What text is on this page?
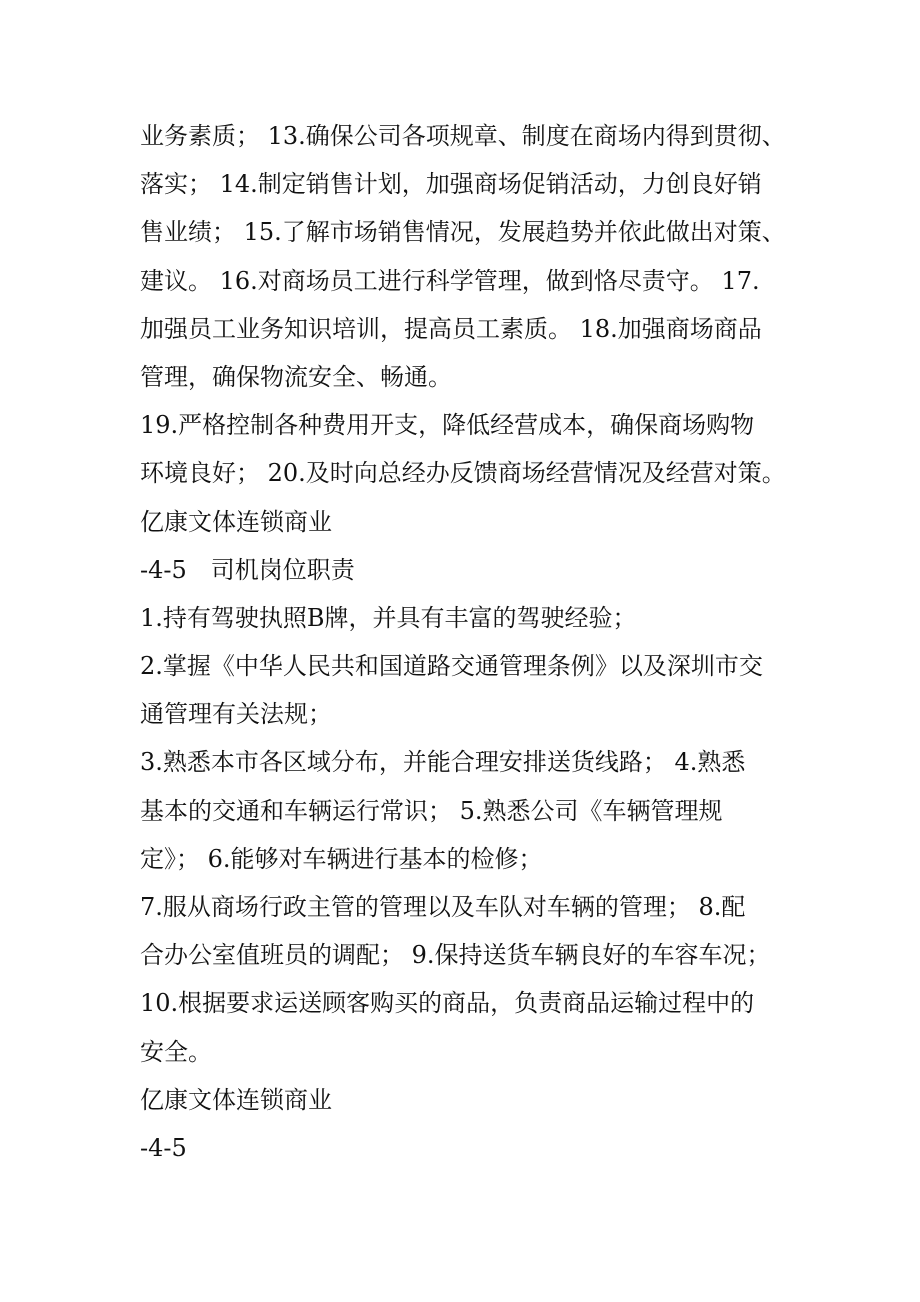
业务素质； 13.确保公司各项规章、制度在商场内得到贯彻、
落实； 14.制定销售计划，加强商场促销活动，力创良好销
售业绩； 15.了解市场销售情况，发展趋势并依此做出对策、
建议。 16.对商场员工进行科学管理，做到恪尽责守。 17.
加强员工业务知识培训，提高员工素质。 18.加强商场商品
管理，确保物流安全、畅通。
19.严格控制各种费用开支，降低经营成本，确保商场购物
环境良好； 20.及时向总经办反馈商场经营情况及经营对策。
亿康文体连锁商业
-4-5　司机岗位职责
1.持有驾驶执照B牌，并具有丰富的驾驶经验；
2.掌握《中华人民共和国道路交通管理条例》以及深圳市交
通管理有关法规；
3.熟悉本市各区域分布，并能合理安排送货线路； 4.熟悉
基本的交通和车辆运行常识； 5.熟悉公司《车辆管理规
定》； 6.能够对车辆进行基本的检修；
7.服从商场行政主管的管理以及车队对车辆的管理； 8.配
合办公室值班员的调配； 9.保持送货车辆良好的车容车况；
10.根据要求运送顾客购买的商品，负责商品运输过程中的
安全。
亿康文体连锁商业
-4-5
